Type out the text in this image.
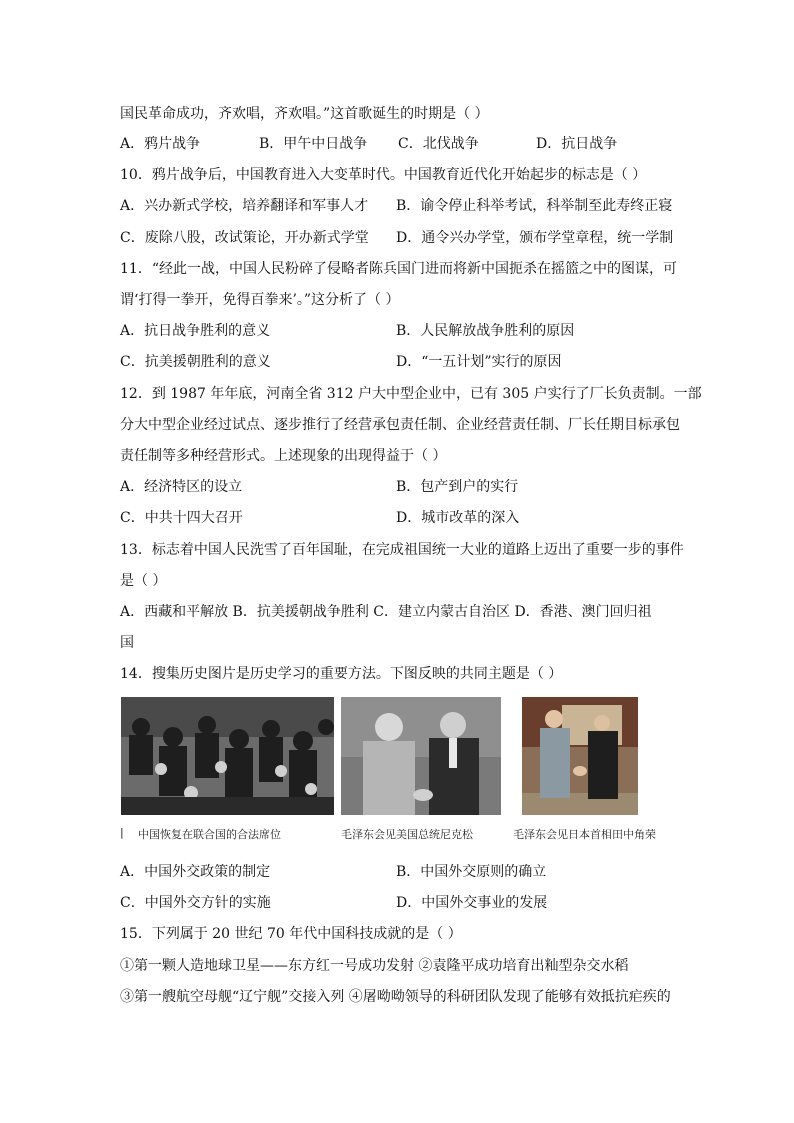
国民革命成功，齐欢唱，齐欢唱。”这首歌诞生的时期是（ ）
A．鸦片战争	B．甲午中日战争 C．北伐战争	D．抗日战争
10．鸦片战争后，中国教育进入大变革时代。中国教育近代化开始起步的标志是（ ）
A．兴办新式学校，培养翻译和军事人才 B．谕令停止科举考试，科举制至此寿终正寝
C．废除八股，改试策论，开办新式学堂 D．通令兴办学堂，颁布学堂章程，统一学制
11．“经此一战，中国人民粉碎了侵略者陈兵国门进而将新中国扼杀在摇篮之中的图谋，可
谓‘打得一拳开，免得百拳来’。”这分析了（ ）
A．抗日战争胜利的意义	B．人民解放战争胜利的原因
C．抗美援朝胜利的意义	D．“一五计划”实行的原因
12．到 1987 年年底，河南全省 312 户大中型企业中，已有 305 户实行了厂长负责制。一部
分大中型企业经过试点、逐步推行了经营承包责任制、企业经营责任制、厂长任期目标承包
责任制等多种经营形式。上述现象的出现得益于（ ）
A．经济特区的设立	B．包产到户的实行
C．中共十四大召开	D．城市改革的深入
13．标志着中国人民洗雪了百年国耻，在完成祖国统一大业的道路上迈出了重要一步的事件
是（ ）
A．西藏和平解放 B．抗美援朝战争胜利 C．建立内蒙古自治区 D．香港、澳门回归祖
国
14．搜集历史图片是历史学习的重要方法。下图反映的共同主题是（ ）
| 中国恢复在联合国的合法席位	毛泽东会见美国总统尼克松	毛泽东会见日本首相田中角荣
A．中国外交政策的制定	B．中国外交原则的确立
C．中国外交方针的实施	D．中国外交事业的发展
15．下列属于 20 世纪 70 年代中国科技成就的是（ ）
①第一颗人造地球卫星——东方红一号成功发射 ②袁隆平成功培育出籼型杂交水稻
③第一艘航空母舰“辽宁舰”交接入列 ④屠呦呦领导的科研团队发现了能够有效抵抗疟疾的
